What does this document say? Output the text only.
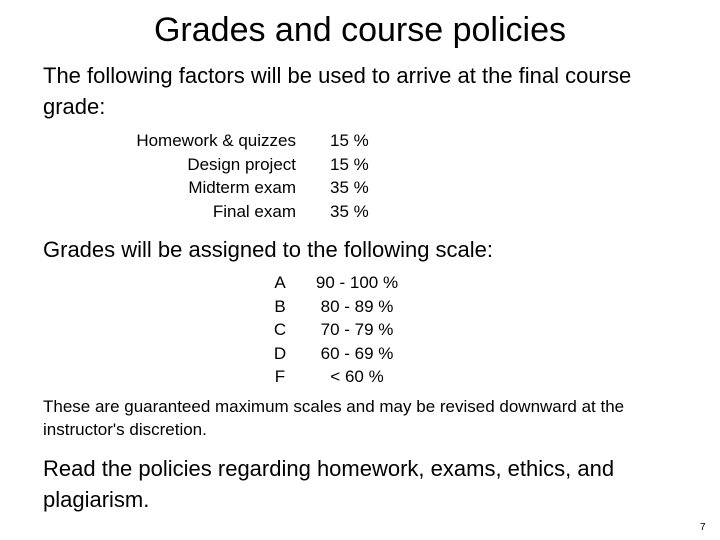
Grades and course policies
The following factors will be used to arrive at the final course grade:
Homework & quizzes
Design project
Midterm exam
Final exam
15 %
15 %
35 %
35 %
Grades will be assigned to the following scale:
A
B
C
D
F
90 - 100 %
80 - 89 %
70 - 79 %
60 - 69 %
< 60 %
These are guaranteed maximum scales and may be revised downward at the instructor's discretion.
Read the policies regarding homework, exams, ethics, and plagiarism.
7
